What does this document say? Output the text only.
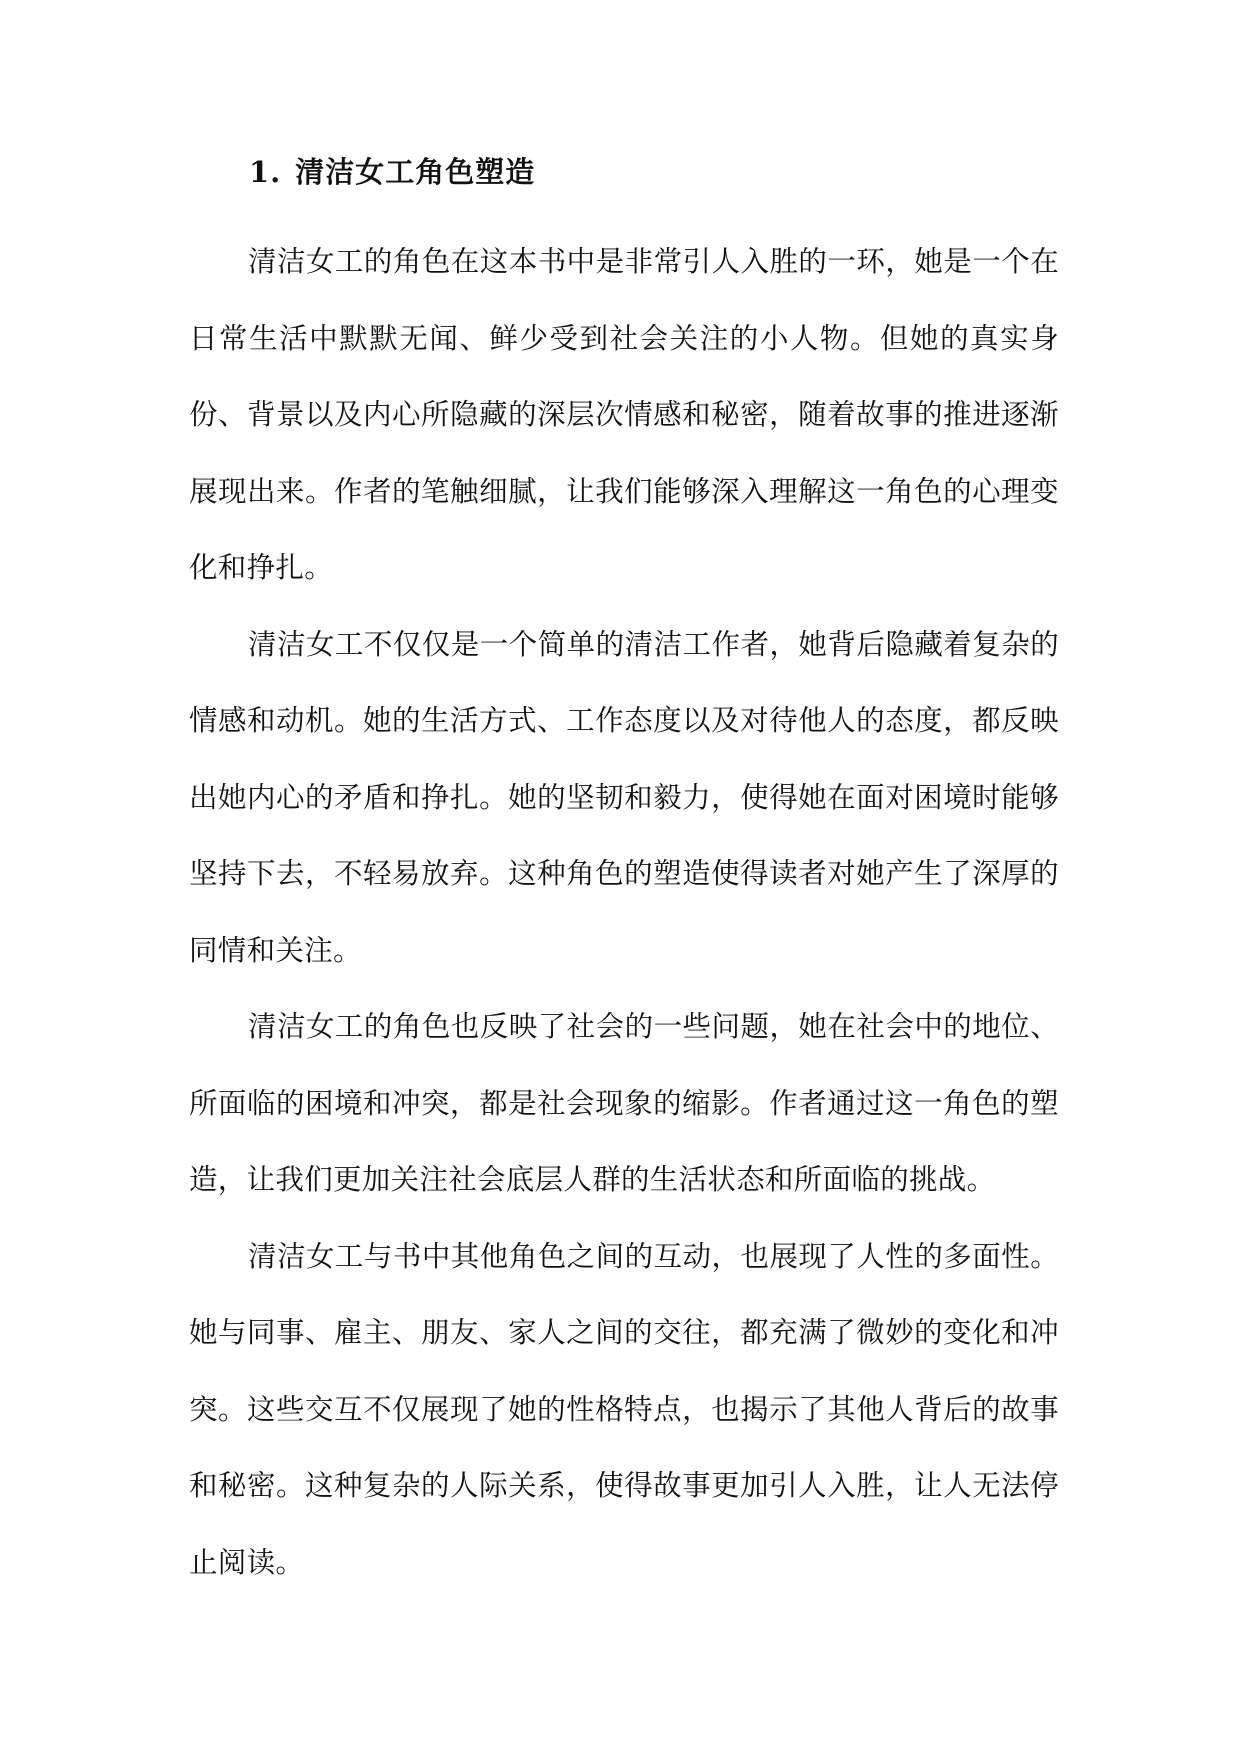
1. 清洁女工角色塑造

清洁女工的角色在这本书中是非常引人入胜的一环，她是一个在日常生活中默默无闻、鲜少受到社会关注的小人物。但她的真实身份、背景以及内心所隐藏的深层次情感和秘密，随着故事的推进逐渐展现出来。作者的笔触细腻，让我们能够深入理解这一角色的心理变化和挣扎。

清洁女工不仅仅是一个简单的清洁工作者，她背后隐藏着复杂的情感和动机。她的生活方式、工作态度以及对待他人的态度，都反映出她内心的矛盾和挣扎。她的坚韧和毅力，使得她在面对困境时能够坚持下去，不轻易放弃。这种角色的塑造使得读者对她产生了深厚的同情和关注。

清洁女工的角色也反映了社会的一些问题，她在社会中的地位、所面临的困境和冲突，都是社会现象的缩影。作者通过这一角色的塑造，让我们更加关注社会底层人群的生活状态和所面临的挑战。

清洁女工与书中其他角色之间的互动，也展现了人性的多面性。她与同事、雇主、朋友、家人之间的交往，都充满了微妙的变化和冲突。这些交互不仅展现了她的性格特点，也揭示了其他人背后的故事和秘密。这种复杂的人际关系，使得故事更加引人入胜，让人无法停止阅读。
